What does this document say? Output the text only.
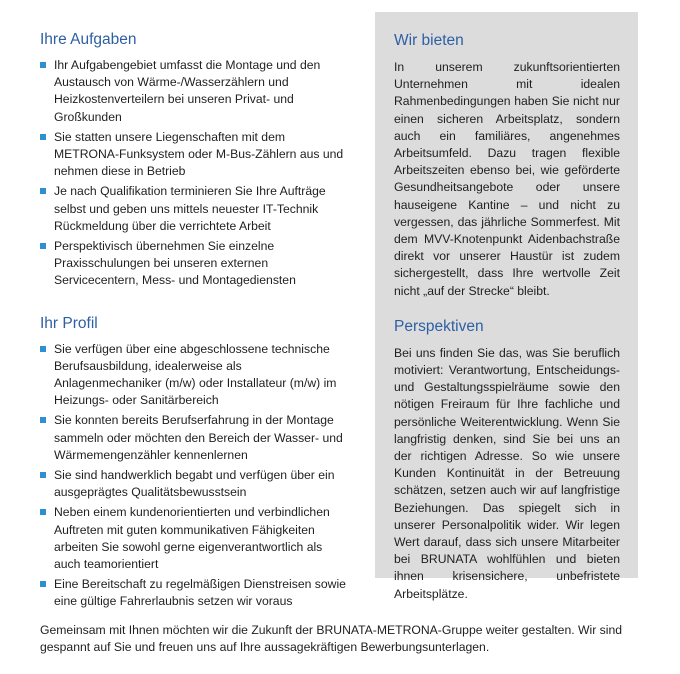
Ihre Aufgaben
Ihr Aufgabengebiet umfasst die Montage und den Austausch von Wärme-/Wasserzählern und Heizkostenverteilern bei unseren Privat- und Großkunden
Sie statten unsere Liegenschaften mit dem METRONA-Funksystem oder M-Bus-Zählern aus und nehmen diese in Betrieb
Je nach Qualifikation terminieren Sie Ihre Aufträge selbst und geben uns mittels neuester IT-Technik Rückmeldung über die verrichtete Arbeit
Perspektivisch übernehmen Sie einzelne Praxisschulungen bei unseren externen Servicecentern, Mess- und Montagediensten
Ihr Profil
Sie verfügen über eine abgeschlossene technische Berufsausbildung, idealerweise als Anlagenmechaniker (m/w) oder Installateur (m/w) im Heizungs- oder Sanitärbereich
Sie konnten bereits Berufserfahrung in der Montage sammeln oder möchten den Bereich der Wasser- und Wärmemengenzähler kennenlernen
Sie sind handwerklich begabt und verfügen über ein ausgeprägtes Qualitätsbewusstsein
Neben einem kundenorientierten und verbindlichen Auftreten mit guten kommunikativen Fähigkeiten arbeiten Sie sowohl gerne eigenverantwortlich als auch teamorientiert
Eine Bereitschaft zu regelmäßigen Dienstreisen sowie eine gültige Fahrerlaubnis setzen wir voraus
Wir bieten

In unserem zukunftsorientierten Unternehmen mit idealen Rahmenbedingungen haben Sie nicht nur einen sicheren Arbeitsplatz, sondern auch ein familiäres, angenehmes Arbeitsumfeld. Dazu tragen flexible Arbeitszeiten ebenso bei, wie geförderte Gesundheitsangebote oder unsere hauseigene Kantine – und nicht zu vergessen, das jährliche Sommerfest. Mit dem MVV-Knotenpunkt Aidenbachstraße direkt vor unserer Haustür ist zudem sichergestellt, dass Ihre wertvolle Zeit nicht „auf der Strecke“ bleibt.

Perspektiven

Bei uns finden Sie das, was Sie beruflich motiviert: Verantwortung, Entscheidungs- und Gestaltungsspielräume sowie den nötigen Freiraum für Ihre fachliche und persönliche Weiterentwicklung. Wenn Sie langfristig denken, sind Sie bei uns an der richtigen Adresse. So wie unsere Kunden Kontinuität in der Betreuung schätzen, setzen auch wir auf langfristige Beziehungen. Das spiegelt sich in unserer Personalpolitik wider. Wir legen Wert darauf, dass sich unsere Mitarbeiter bei BRUNATA wohlfühlen und bieten ihnen krisensichere, unbefristete Arbeitsplätze.

Gemeinsam mit Ihnen möchten wir die Zukunft der BRUNATA-METRONA-Gruppe weiter gestalten. Wir sind gespannt auf Sie und freuen uns auf Ihre aussagekräftigen Bewerbungsunterlagen.
